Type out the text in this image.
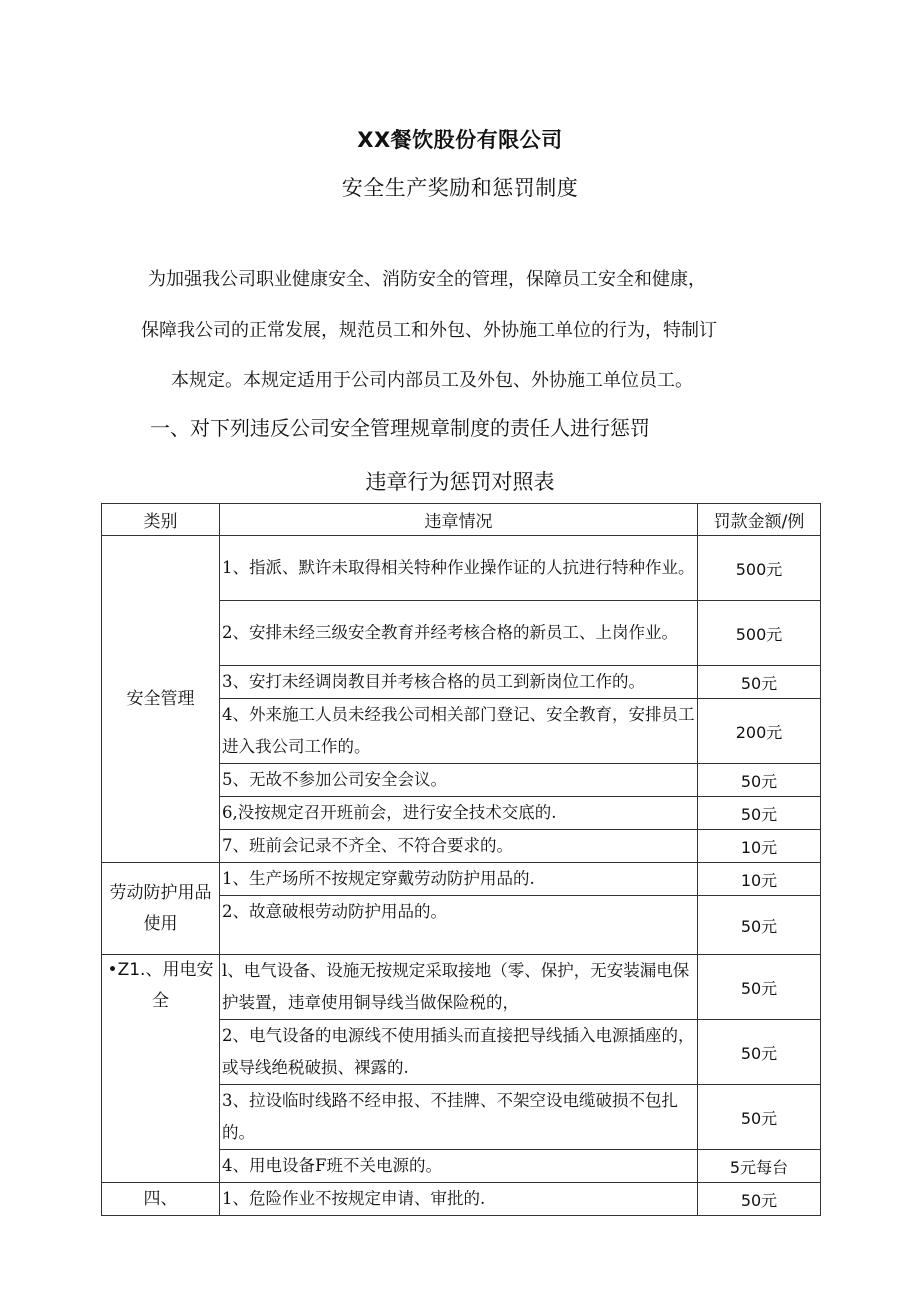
XX餐饮股份有限公司
安全生产奖励和惩罚制度
为加强我公司职业健康安全、消防安全的管理，保障员工安全和健康，
保障我公司的正常发展，规范员工和外包、外协施工单位的行为，特制订
本规定。本规定适用于公司内部员工及外包、外协施工单位员工。
一、对下列违反公司安全管理规章制度的责任人进行惩罚
违章行为惩罚对照表
类别	违章情况	罚款金额/例
安全管理	1、指派、默许未取得相关特种作业操作证的人抗进行特种作业。	500元
	2、安排未经三级安全教育并经考核合格的新员工、上岗作业。	500元
	3、安打未经调岗教目并考核合格的员工到新岗位工作的。	50元
	4、外来施工人员未经我公司相关部门登记、安全教育，安排员工进入我公司工作的。	200元
	5、无故不参加公司安全会议。	50元
	6,没按规定召开班前会，进行安全技术交底的.	50元
	7、班前会记录不齐全、不符合要求的。	10元
劳动防护用品使用	1、生产场所不按规定穿戴劳动防护用品的.	10元
	2、故意破根劳动防护用品的。	50元
•Z1.、用电安全	l、电气设备、设施无按规定采取接地（零、保护，无安装漏电保护装置，违章使用铜导线当做保险税的，	50元
	2、电气设备的电源线不使用插头而直接把导线插入电源插座的，或导线绝税破损、裸露的.	50元
	3、拉设临时线路不经申报、不挂牌、不架空设电缆破损不包扎的。	50元
	4、用电设备F班不关电源的。	5元每台
四、	1、危险作业不按规定申请、审批的.	50元
